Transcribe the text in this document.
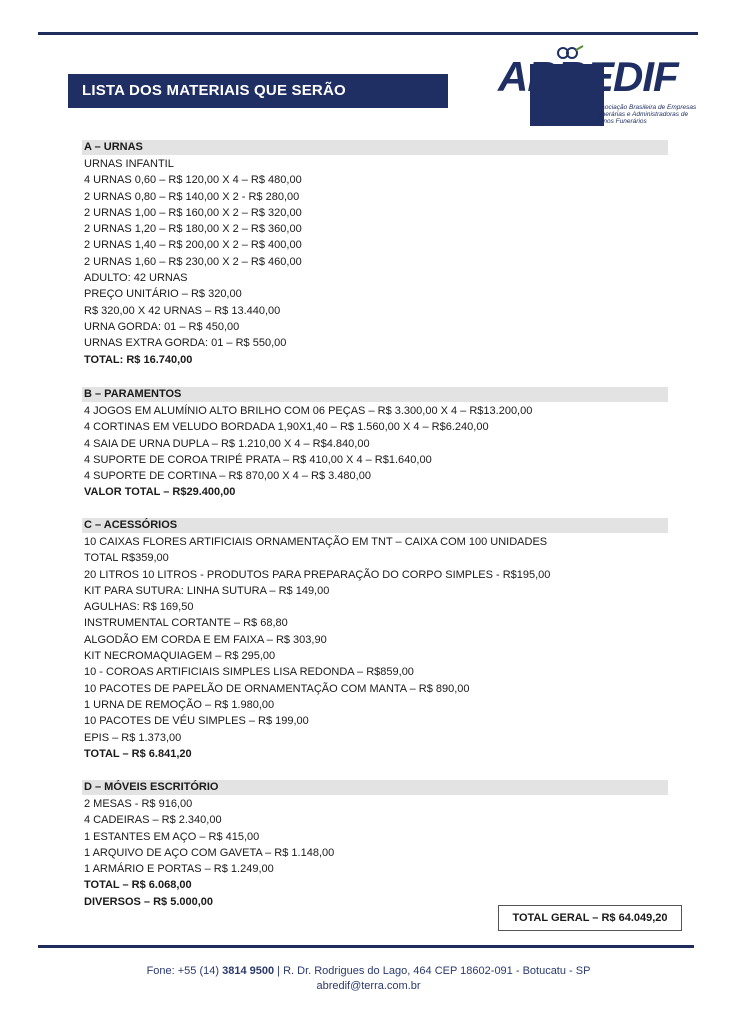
LISTA DOS MATERIAIS QUE SERÃO ADQUIRIDOS:
ABREDIF
Associação Brasileira de Empresas Funerárias e Administradoras de Planos Funerários
A – URNAS
URNAS INFANTIL
4 URNAS 0,60 – R$ 120,00 X 4 – R$ 480,00
2 URNAS 0,80 – R$ 140,00 X 2 - R$ 280,00
2 URNAS 1,00 – R$ 160,00 X 2 – R$ 320,00
2 URNAS 1,20 – R$ 180,00 X 2 – R$ 360,00
2 URNAS 1,40 – R$ 200,00 X 2 – R$ 400,00
2 URNAS 1,60 – R$ 230,00 X 2 – R$ 460,00
ADULTO: 42 URNAS
PREÇO UNITÁRIO – R$ 320,00
R$ 320,00 X 42 URNAS – R$ 13.440,00
URNA GORDA: 01 – R$ 450,00
URNAS EXTRA GORDA: 01 – R$ 550,00
TOTAL: R$ 16.740,00
B – PARAMENTOS
4 JOGOS EM ALUMÍNIO ALTO BRILHO COM 06 PEÇAS – R$ 3.300,00 X 4 – R$13.200,00
4 CORTINAS EM VELUDO BORDADA 1,90X1,40 – R$ 1.560,00 X 4 – R$6.240,00
4 SAIA DE URNA DUPLA – R$ 1.210,00 X 4 – R$4.840,00
4 SUPORTE DE COROA TRIPÉ PRATA – R$ 410,00 X 4 – R$1.640,00
4 SUPORTE DE CORTINA – R$ 870,00 X 4 – R$ 3.480,00
VALOR TOTAL – R$29.400,00
C – ACESSÓRIOS
10 CAIXAS FLORES ARTIFICIAIS ORNAMENTAÇÃO EM TNT – CAIXA COM 100 UNIDADES
TOTAL R$359,00
20 LITROS 10 LITROS - PRODUTOS PARA PREPARAÇÃO DO CORPO SIMPLES - R$195,00
KIT PARA SUTURA: LINHA SUTURA – R$ 149,00
AGULHAS: R$ 169,50
INSTRUMENTAL CORTANTE – R$ 68,80
ALGODÃO EM CORDA E EM FAIXA – R$ 303,90
KIT NECROMAQUIAGEM – R$ 295,00
10 - COROAS ARTIFICIAIS SIMPLES LISA REDONDA – R$859,00
10 PACOTES DE PAPELÃO DE ORNAMENTAÇÃO COM MANTA – R$ 890,00
1 URNA DE REMOÇÃO – R$ 1.980,00
10 PACOTES DE VÉU SIMPLES – R$ 199,00
EPIS – R$ 1.373,00
TOTAL – R$ 6.841,20
D – MÓVEIS ESCRITÓRIO
2 MESAS - R$ 916,00
4 CADEIRAS – R$ 2.340,00
1 ESTANTES EM AÇO – R$ 415,00
1 ARQUIVO DE AÇO COM GAVETA – R$ 1.148,00
1 ARMÁRIO E PORTAS – R$ 1.249,00
TOTAL – R$ 6.068,00
DIVERSOS – R$ 5.000,00
TOTAL GERAL – R$ 64.049,20
Fone: +55 (14) 3814 9500 | R. Dr. Rodrigues do Lago, 464 CEP 18602-091 - Botucatu - SP
abredif@terra.com.br
